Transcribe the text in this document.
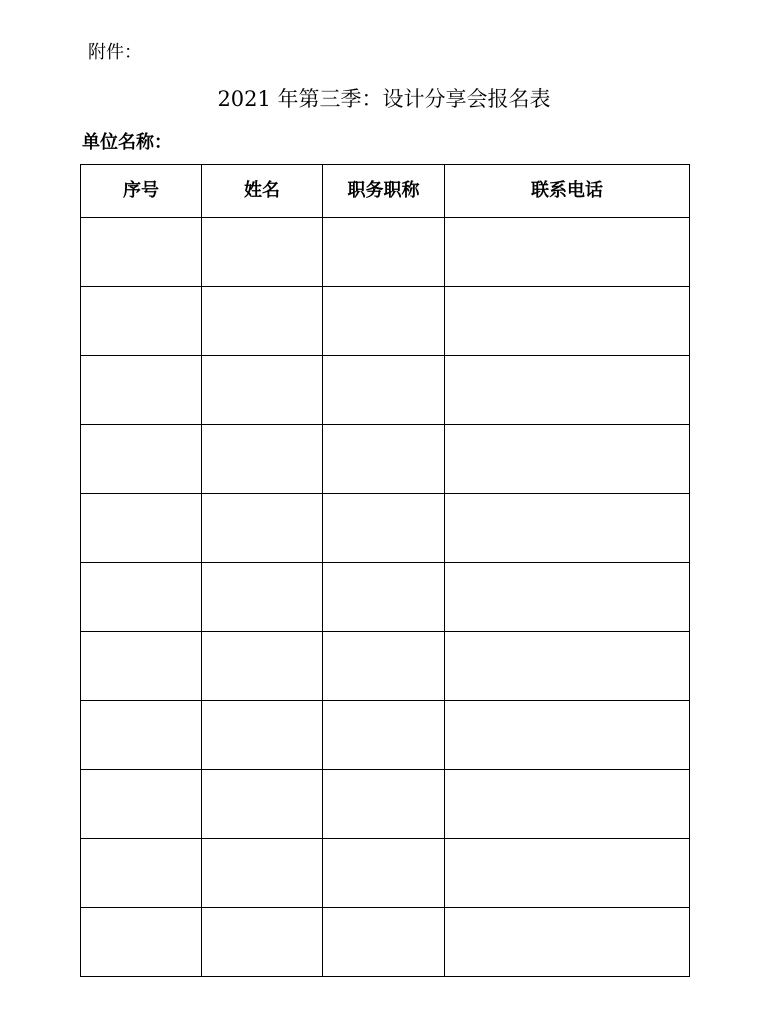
附件：
2021 年第三季：设计分享会报名表
单位名称：
序号	姓名	职务职称	联系电话
